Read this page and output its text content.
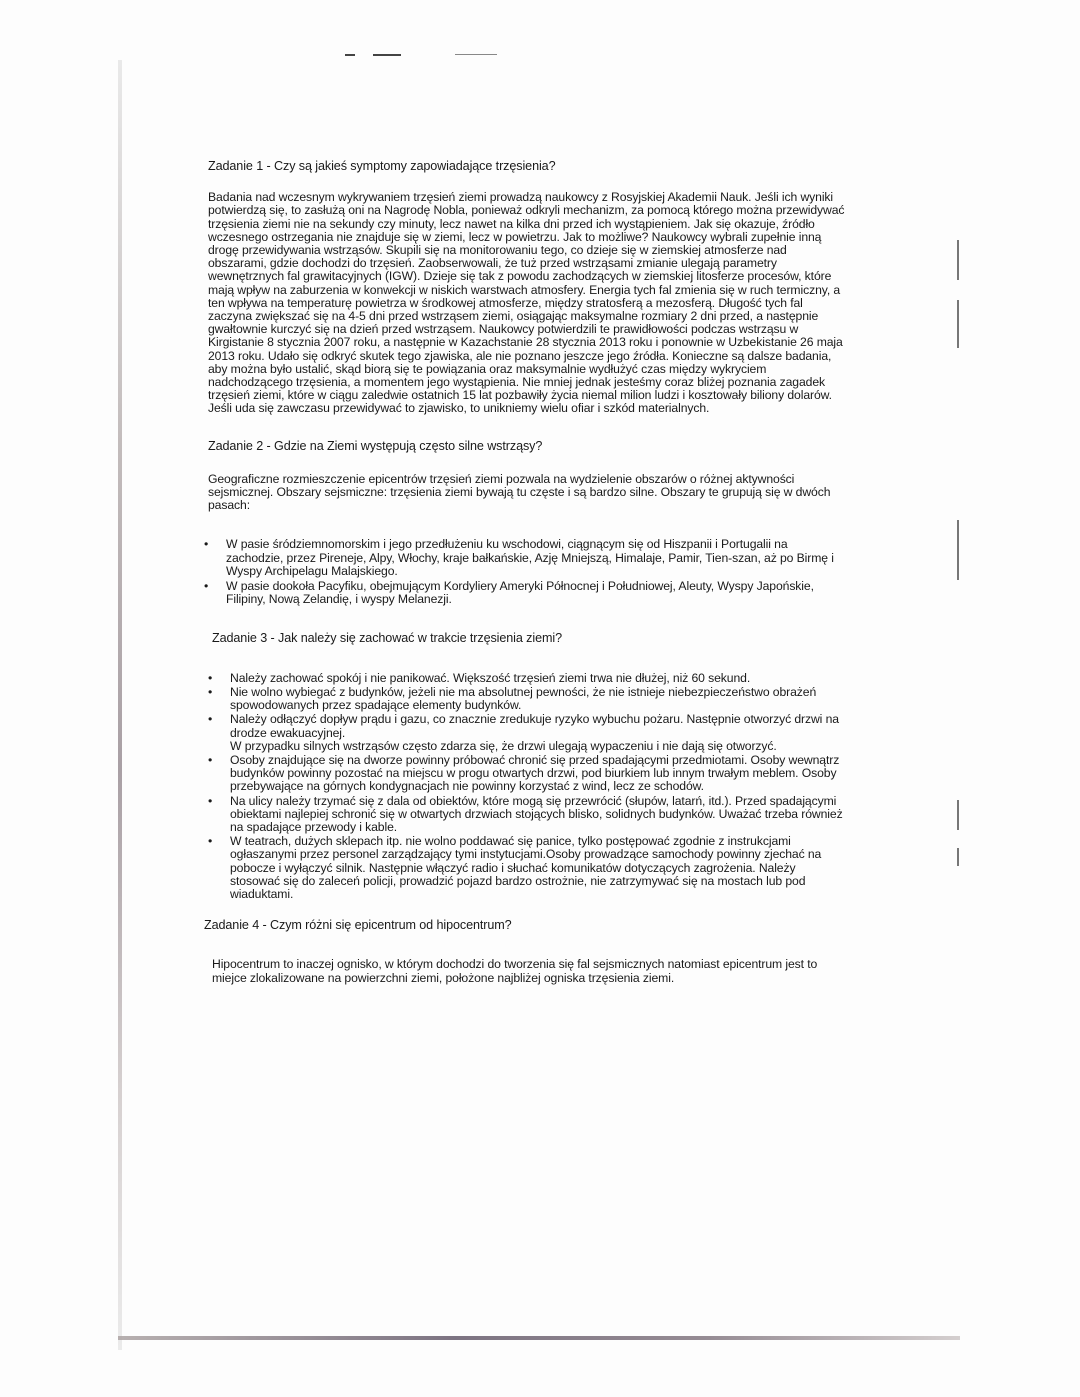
Zadanie 1 - Czy są jakieś symptomy zapowiadające trzęsienia?

Badania nad wczesnym wykrywaniem trzęsień ziemi prowadzą naukowcy z Rosyjskiej Akademii Nauk. Jeśli ich wyniki potwierdzą się, to zasłużą oni na Nagrodę Nobla, ponieważ odkryli mechanizm, za pomocą którego można przewidywać trzęsienia ziemi nie na sekundy czy minuty, lecz nawet na kilka dni przed ich wystąpieniem. Jak się okazuje, źródło wczesnego ostrzegania nie znajduje się w ziemi, lecz w powietrzu. Jak to możliwe? Naukowcy wybrali zupełnie inną drogę przewidywania wstrząsów. Skupili się na monitorowaniu tego, co dzieje się w ziemskiej atmosferze nad obszarami, gdzie dochodzi do trzęsień. Zaobserwowali, że tuż przed wstrząsami zmianie ulegają parametry wewnętrznych fal grawitacyjnych (IGW). Dzieje się tak z powodu zachodzących w ziemskiej litosferze procesów, które mają wpływ na zaburzenia w konwekcji w niskich warstwach atmosfery. Energia tych fal zmienia się w ruch termiczny, a ten wpływa na temperaturę powietrza w środkowej atmosferze, między stratosferą a mezosferą. Długość tych fal zaczyna zwiększać się na 4-5 dni przed wstrząsem ziemi, osiągając maksymalne rozmiary 2 dni przed, a następnie gwałtownie kurczyć się na dzień przed wstrząsem. Naukowcy potwierdzili te prawidłowości podczas wstrząsu w Kirgistanie 8 stycznia 2007 roku, a następnie w Kazachstanie 28 stycznia 2013 roku i ponownie w Uzbekistanie 26 maja 2013 roku. Udało się odkryć skutek tego zjawiska, ale nie poznano jeszcze jego źródła. Konieczne są dalsze badania, aby można było ustalić, skąd biorą się te powiązania oraz maksymalnie wydłużyć czas między wykryciem nadchodzącego trzęsienia, a momentem jego wystąpienia. Nie mniej jednak jesteśmy coraz bliżej poznania zagadek trzęsień ziemi, które w ciągu zaledwie ostatnich 15 lat pozbawiły życia niemal milion ludzi i kosztowały biliony dolarów. Jeśli uda się zawczasu przewidywać to zjawisko, to unikniemy wielu ofiar i szkód materialnych.

Zadanie 2 - Gdzie na Ziemi występują często silne wstrząsy?

Geograficzne rozmieszczenie epicentrów trzęsień ziemi pozwala na wydzielenie obszarów o różnej aktywności sejsmicznej. Obszary sejsmiczne: trzęsienia ziemi bywają tu częste i są bardzo silne. Obszary te grupują się w dwóch pasach:

• W pasie śródziemnomorskim i jego przedłużeniu ku wschodowi, ciągnącym się od Hiszpanii i Portugalii na zachodzie, przez Pireneje, Alpy, Włochy, kraje bałkańskie, Azję Mniejszą, Himalaje, Pamir, Tien-szan, aż po Birmę i Wyspy Archipelagu Malajskiego.
• W pasie dookoła Pacyfiku, obejmującym Kordyliery Ameryki Północnej i Południowej, Aleuty, Wyspy Japońskie, Filipiny, Nową Zelandię, i wyspy Melanezji.
Zadanie 3 - Jak należy się zachować w trakcie trzęsienia ziemi?
• Należy zachować spokój i nie panikować. Większość trzęsień ziemi trwa nie dłużej, niż 60 sekund.
• Nie wolno wybiegać z budynków, jeżeli nie ma absolutnej pewności, że nie istnieje niebezpieczeństwo obrażeń spowodowanych przez spadające elementy budynków.
• Należy odłączyć dopływ prądu i gazu, co znacznie zredukuje ryzyko wybuchu pożaru. Następnie otworzyć drzwi na drodze ewakuacyjnej.
W przypadku silnych wstrząsów często zdarza się, że drzwi ulegają wypaczeniu i nie dają się otworzyć.
• Osoby znajdujące się na dworze powinny próbować chronić się przed spadającymi przedmiotami. Osoby wewnątrz budynków powinny pozostać na miejscu w progu otwartych drzwi, pod biurkiem lub innym trwałym meblem. Osoby przebywające na górnych kondygnacjach nie powinny korzystać z wind, lecz ze schodów.
• Na ulicy należy trzymać się z dala od obiektów, które mogą się przewrócić (słupów, latarń, itd.). Przed spadającymi obiektami najlepiej schronić się w otwartych drzwiach stojących blisko, solidnych budynków. Uważać trzeba również na spadające przewody i kable.
• W teatrach, dużych sklepach itp. nie wolno poddawać się panice, tylko postępować zgodnie z instrukcjami ogłaszanymi przez personel zarządzający tymi instytucjami.Osoby prowadzące samochody powinny zjechać na pobocze i wyłączyć silnik. Następnie włączyć radio i słuchać komunikatów dotyczących zagrożenia. Należy stosować się do zaleceń policji, prowadzić pojazd bardzo ostrożnie, nie zatrzymywać się na mostach lub pod wiaduktami.
Zadanie 4 - Czym różni się epicentrum od hipocentrum?

Hipocentrum to inaczej ognisko, w którym dochodzi do tworzenia się fal sejsmicznych natomiast epicentrum jest to miejce zlokalizowane na powierzchni ziemi, położone najbliżej ogniska trzęsienia ziemi.
